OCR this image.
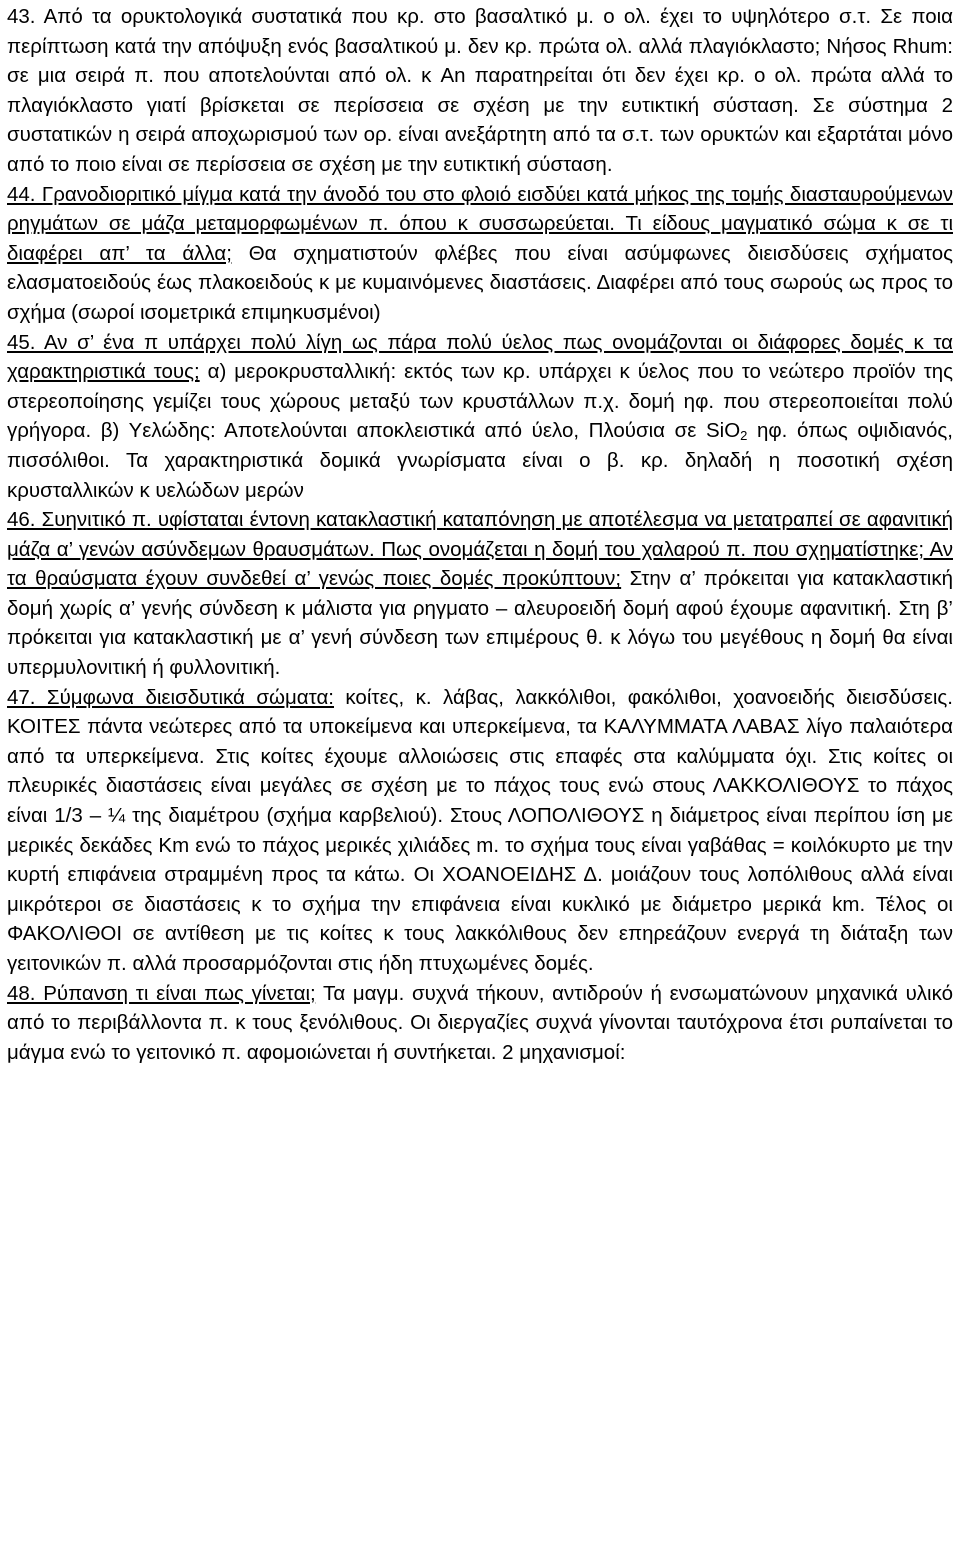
43. Από τα ορυκτολογικά συστατικά που κρ. στο βασαλτικό μ. ο ολ. έχει το υψηλότερο σ.τ. Σε ποια περίπτωση κατά την απόψυξη ενός βασαλτικού μ. δεν κρ. πρώτα ολ. αλλά πλαγιόκλαστο; Νήσος Rhum: σε μια σειρά π. που αποτελούνται από ολ. κ An παρατηρείται ότι δεν έχει κρ. ο ολ. πρώτα αλλά το πλαγιόκλαστο γιατί βρίσκεται σε περίσσεια σε σχέση με την ευτικτική σύσταση. Σε σύστημα 2 συστατικών η σειρά αποχωρισμού των ορ. είναι ανεξάρτητη από τα σ.τ. των ορυκτών και εξαρτάται μόνο από το ποιο είναι σε περίσσεια σε σχέση με την ευτικτική σύσταση.

44. Γρανοδιοριτικό μίγμα κατά την άνοδό του στο φλοιό εισδύει κατά μήκος της τομής διασταυρούμενων ρηγμάτων σε μάζα μεταμορφωμένων π. όπου κ συσσωρεύεται. Τι είδους μαγματικό σώμα κ σε τι διαφέρει απ’ τα άλλα; Θα σχηματιστούν φλέβες που είναι ασύμφωνες διεισδύσεις σχήματος ελασματοειδούς έως πλακοειδούς κ με κυμαινόμενες διαστάσεις. Διαφέρει από τους σωρούς ως προς το σχήμα (σωροί ισομετρικά επιμηκυσμένοι)

45. Αν σ’ ένα π υπάρχει πολύ λίγη ως πάρα πολύ ύελος πως ονομάζονται οι διάφορες δομές κ τα χαρακτηριστικά τους; α) μεροκρυσταλλική: εκτός των κρ. υπάρχει κ ύελος που το νεώτερο προϊόν της στερεοποίησης γεμίζει τους χώρους μεταξύ των κρυστάλλων π.χ. δομή ηφ. που στερεοποιείται πολύ γρήγορα. β) Υελώδης: Αποτελούνται αποκλειστικά από ύελο, Πλούσια σε SiO$_2$ ηφ. όπως οψιδιανός, πισσόλιθοι. Τα χαρακτηριστικά δομικά γνωρίσματα είναι ο β. κρ. δηλαδή η ποσοτική σχέση κρυσταλλικών κ υελώδων μερών

46. Συηνιτικό π. υφίσταται έντονη κατακλαστική καταπόνηση με αποτέλεσμα να μετατραπεί σε αφανιτική μάζα α’ γενών ασύνδεμων θραυσμάτων. Πως ονομάζεται η δομή του χαλαρού π. που σχηματίστηκε; Αν τα θραύσματα έχουν συνδεθεί α’ γενώς ποιες δομές προκύπτουν; Στην α’ πρόκειται για κατακλαστική δομή χωρίς α’ γενής σύνδεση κ μάλιστα για ρηγματο – αλευροειδή δομή αφού έχουμε αφανιτική. Στη β’ πρόκειται για κατακλαστική με α’ γενή σύνδεση των επιμέρους θ. κ λόγω του μεγέθους η δομή θα είναι υπερμυλονιτική ή φυλλονιτική.

47. Σύμφωνα διεισδυτικά σώματα: κοίτες, κ. λάβας, λακκόλιθοι, φακόλιθοι, χοανοειδής διεισδύσεις. ΚΟΙΤΕΣ πάντα νεώτερες από τα υποκείμενα και υπερκείμενα, τα ΚΑΛΥΜΜΑΤΑ ΛΑΒΑΣ λίγο παλαιότερα από τα υπερκείμενα. Στις κοίτες έχουμε αλλοιώσεις στις επαφές στα καλύμματα όχι. Στις κοίτες οι πλευρικές διαστάσεις είναι μεγάλες σε σχέση με το πάχος τους ενώ στους ΛΑΚΚΟΛΙΘΟΥΣ το πάχος είναι 1/3 – ¼ της διαμέτρου (σχήμα καρβελιού). Στους ΛΟΠΟΛΙΘΟΥΣ η διάμετρος είναι περίπου ίση με μερικές δεκάδες Km ενώ το πάχος μερικές χιλιάδες m. το σχήμα τους είναι γαβάθας = κοιλόκυρτο με την κυρτή επιφάνεια στραμμένη προς τα κάτω. Οι ΧΟΑΝΟΕΙΔΗΣ Δ. μοιάζουν τους λοπόλιθους αλλά είναι μικρότεροι σε διαστάσεις κ το σχήμα την επιφάνεια είναι κυκλικό με διάμετρο μερικά km. Τέλος οι ΦΑΚΟΛΙΘΟΙ σε αντίθεση με τις κοίτες κ τους λακκόλιθους δεν επηρεάζουν ενεργά τη διάταξη των γειτονικών π. αλλά προσαρμόζονται στις ήδη πτυχωμένες δομές.

48. Ρύπανση τι είναι πως γίνεται; Τα μαγμ. συχνά τήκουν, αντιδρούν ή ενσωματώνουν μηχανικά υλικό από το περιβάλλοντα π. κ τους ξενόλιθους. Οι διεργαζίες συχνά γίνονται ταυτόχρονα έτσι ρυπαίνεται το μάγμα ενώ το γειτονικό π. αφομοιώνεται ή συντήκεται. 2 μηχανισμοί:
